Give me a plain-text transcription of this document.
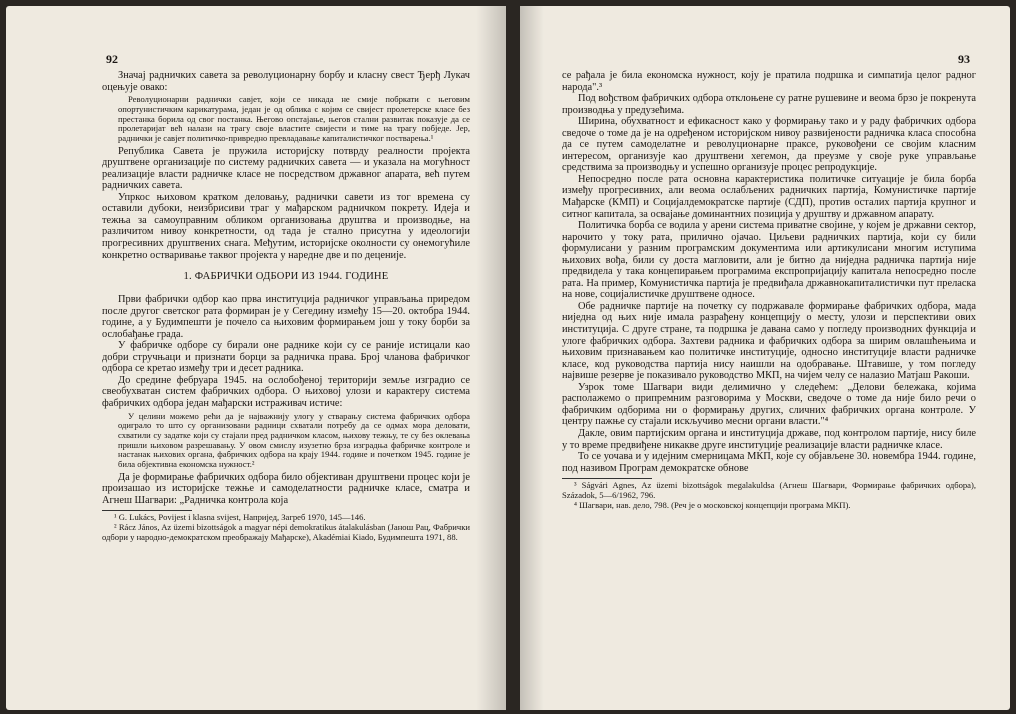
92

Значај радничких савета за револуционарну борбу и класну свест Ђерђ Лукач оцењује овако:

Револуционарни раднички савјет, који се никада не смије побркати с његовим опортунистичким карикатурама, један је од облика с којим се свијест пролетерске класе без престанка борила од свог постанка. Његово опстајање, његов стални развитак показује да се пролетаријат већ налази на трагу своје властите свијести и тиме на трагу побједе. Јер, раднички је савјет политичко-привредно превладавање капиталистичког постварења.¹

Република Савета је пружила историјску потврду реалности пројекта друштвене организације по систему радничких савета — и указала на могућност реализације власти радничке класе не посредством државног апарата, већ путем радничких савета.

Упркос њиховом кратком деловању, раднички савети из тог времена су оставили дубоки, неизбрисиви траг у мађарском радничком покрету. Идеја и тежња за самоуправним обликом организовања друштва и производње, на различитом нивоу конкретности, од тада је стално присутна у идеологији прогресивних друштвених снага. Међутим, историјске околности су онемогућиле конкретно остваривање таквог пројекта у наредне две и по деценије.

1. ФАБРИЧКИ ОДБОРИ ИЗ 1944. ГОДИНЕ

Први фабрички одбор као прва институција радничког управљања приредом после другог светског рата формиран је у Сегедину између 15—20. октобра 1944. године, а у Будимпешти је почело са њиховим формирањем још у току борби за ослобађање града.

У фабричке одборе су бирали оне раднике који су се раније истицали као добри стручњаци и признати борци за радничка права. Број чланова фабричког одбора се кретао између три и десет радника.

До средине фебруара 1945. на ослобођеној територији земље изградио се свеобухватан систем фабричких одбора. О њиховој улози и карактеру система фабричких одбора један мађарски истраживач истиче:

У целини можемо рећи да је најважнију улогу у стварању система фабричких одбора одиграло то што су организовани радници схватали потребу да се одмах мора деловати, схватили су задатке који су стајали пред радничком класом, њихову тежњу, те су без оклевања пришли њиховом разрешавању. У овом смислу изузетно брза изградња фабричке контроле и настанак њихових органа, фабричких одбора на крају 1944. године и почетком 1945. године је била објективна економска нужност.²

Да је формирање фабричких одбора било објективан друштвени процес који је произашао из историјске тежње и самоделатности радничке класе, сматра и Агнеш Шагвари: „Радничка контрола која

¹ G. Lukács, Povijest i klasna svijest, Напријед, Загреб 1970, 145—146.

² Rácz János, Az üzemi bizottságok a magyar népi demokratikus átalakulásban (Јанош Рац, Фабрички одбори у народно-демократском преображају Мађарске), Akadémiai Kiado, Будимпешта 1971, 88.

93

се рађала је била економска нужност, коју је пратила подршка и симпатија целог радног народа".³

Под вођством фабричких одбора отклоњене су ратне рушевине и веома брзо је покренута производња у предузећима.

Ширина, обухватност и ефикасност како у формирању тако и у раду фабричких одбора сведоче о томе да је на одређеном историјском нивоу развијености радничка класа способна да се путем самоделатне и револуционарне праксе, руковођени се својим класним интересом, организује као друштвени хегемон, да преузме у своје руке управљање средствима за производњу и успешно организује процес репродукције.

Непосредно после рата основна карактеристика политичке ситуације је била борба између прогресивних, али веома ослабљених радничких партија, Комунистичке партије Мађарске (КМП) и Социјалдемократске партије (СДП), против осталих партија крупног и ситног капитала, за освајање доминантних позиција у друштву и државном апарату.

Политичка борба се водила у арени система приватне својине, у којем је државни сектор, нарочито у току рата, прилично ојачао. Циљеви радничких партија, који су били формулисани у разним програмским документима или артикулисани многим иступима њихових вођа, били су доста магловити, али је битно да ниједна радничка партија није предвидела у така концепирањем програмима експропријацију капитала непосредно после рата. На пример, Комунистичка партија је предвиђала државнокапиталистички пут преласка на нове, социјалистичке друштвене односе.

Обе радничке партије на почетку су подржавале формирање фабричких одбора, мада ниједна од њих није имала разрађену концепцију о месту, улози и перспективи ових институција. С друге стране, та подршка је давана само у погледу производних функција и улоге фабричких одбора. Захтеви радника и фабричких одбора за ширим овлашћењима и њиховим признавањем као политичке институције, односно институције власти радничке класе, код руководства партија нису наишли на одобравање. Штавише, у том погледу највише резерве је показивало руководство МКП, на чијем челу се налазио Матјаш Ракоши.

Узрок томе Шагвари види делимично у следећем: „Делови бележака, којима располажемо о припремним разговорима у Москви, сведоче о томе да није било речи о фабричким одборима ни о формирању других, сличних фабричких органа контроле. У центру пажње су стајали искључиво месни органи власти."⁴

Дакле, овим партијским органа и институција државе, под контролом партије, нису биле у то време предвиђене никакве друге институције реализације власти радничке класе.

То се уочава и у идејним смерницама МКП, које су објављене 30. новембра 1944. године, под називом Програм демократске обнове

³ Ságvári Agnes, Az üzemi bizottságok megalakuldsa (Агнеш Шагвари, Формирање фабричких одбора), Századok, 5—6/1962, 796.

⁴ Шагвари, нав. дело, 798. (Реч је о московској концепцији програма МКП).
